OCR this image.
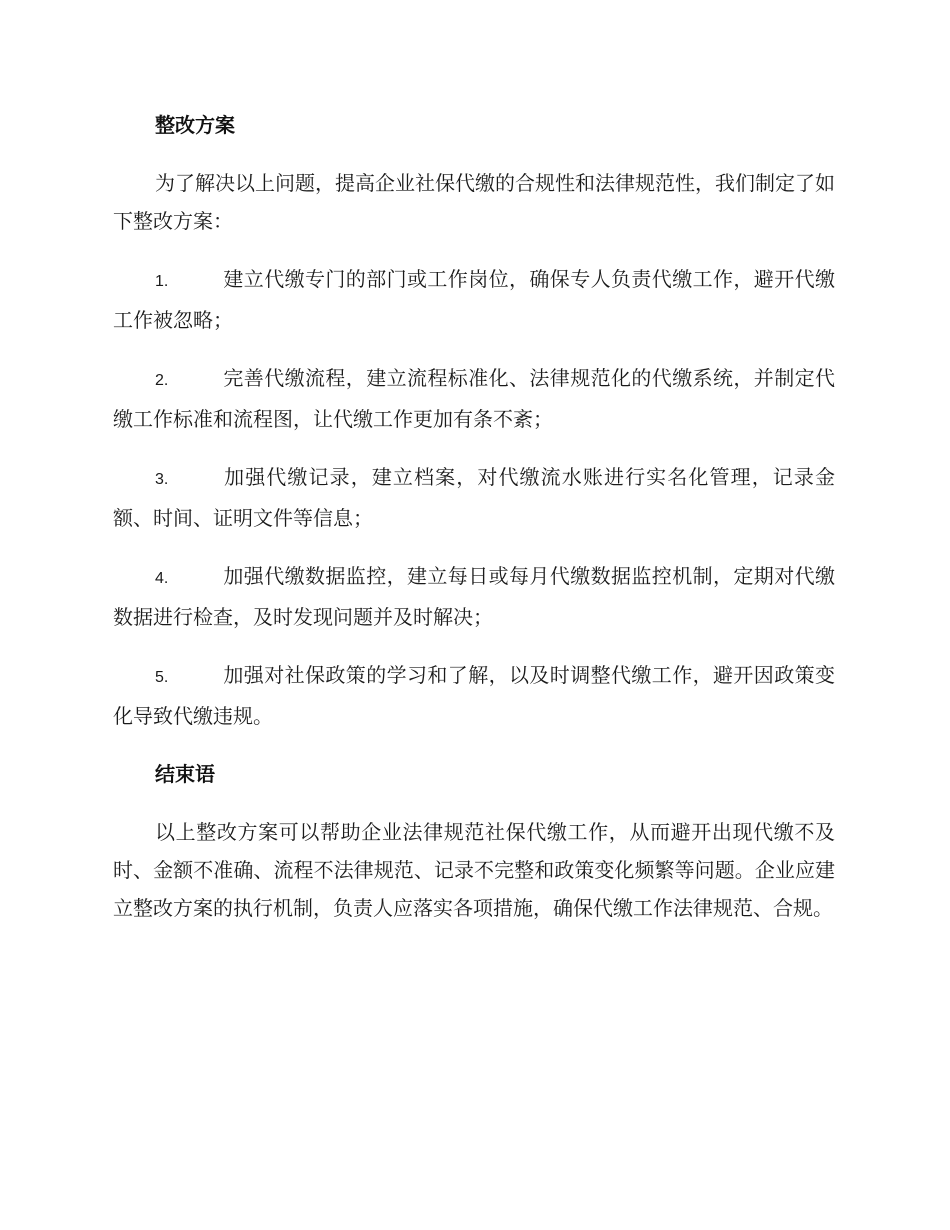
整改方案

为了解决以上问题，提高企业社保代缴的合规性和法律规范性，我们制定了如下整改方案：

1.	建立代缴专门的部门或工作岗位，确保专人负责代缴工作，避开代缴工作被忽略；
2.	完善代缴流程，建立流程标准化、法律规范化的代缴系统，并制定代缴工作标准和流程图，让代缴工作更加有条不紊；
3.	加强代缴记录，建立档案，对代缴流水账进行实名化管理，记录金额、时间、证明文件等信息；
4.	加强代缴数据监控，建立每日或每月代缴数据监控机制，定期对代缴数据进行检查，及时发现问题并及时解决；
5.	加强对社保政策的学习和了解，以及时调整代缴工作，避开因政策变化导致代缴违规。
结束语

以上整改方案可以帮助企业法律规范社保代缴工作，从而避开出现代缴不及时、金额不准确、流程不法律规范、记录不完整和政策变化频繁等问题。企业应建立整改方案的执行机制，负责人应落实各项措施，确保代缴工作法律规范、合规。
